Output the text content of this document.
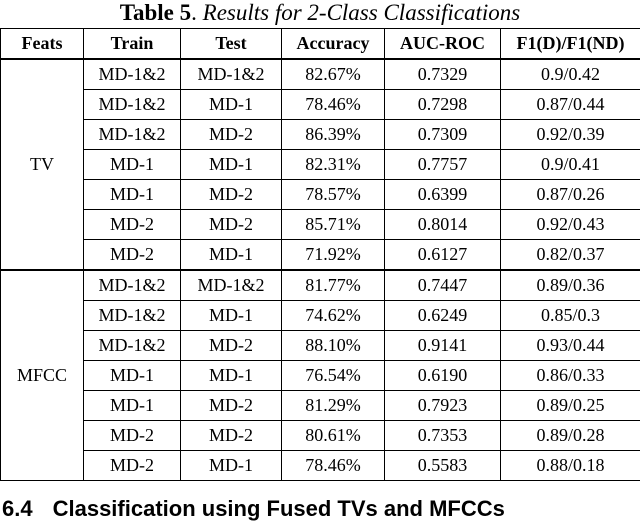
Table 5. Results for 2-Class Classifications
Feats	Train	Test	Accuracy	AUC-ROC	F1(D)/F1(ND)
TV	MD-1&2	MD-1&2	82.67%	0.7329	0.9/0.42
	MD-1&2	MD-1	78.46%	0.7298	0.87/0.44
	MD-1&2	MD-2	86.39%	0.7309	0.92/0.39
	MD-1	MD-1	82.31%	0.7757	0.9/0.41
	MD-1	MD-2	78.57%	0.6399	0.87/0.26
	MD-2	MD-2	85.71%	0.8014	0.92/0.43
	MD-2	MD-1	71.92%	0.6127	0.82/0.37
MFCC	MD-1&2	MD-1&2	81.77%	0.7447	0.89/0.36
	MD-1&2	MD-1	74.62%	0.6249	0.85/0.3
	MD-1&2	MD-2	88.10%	0.9141	0.93/0.44
	MD-1	MD-1	76.54%	0.6190	0.86/0.33
	MD-1	MD-2	81.29%	0.7923	0.89/0.25
	MD-2	MD-2	80.61%	0.7353	0.89/0.28
	MD-2	MD-1	78.46%	0.5583	0.88/0.18
6.4 Classification using Fused TVs and MFCCs
